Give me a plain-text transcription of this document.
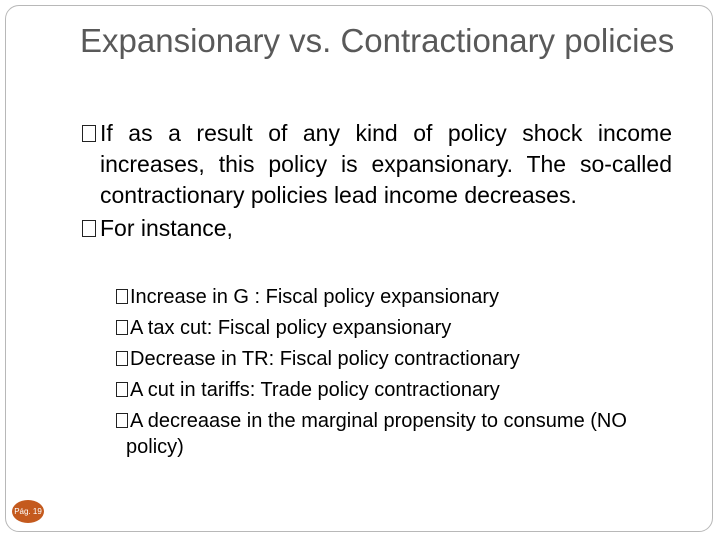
Expansionary vs. Contractionary policies
If as a result of any kind of policy shock income increases, this policy is expansionary. The so-called contractionary policies lead income decreases.
For instance,
Increase in G : Fiscal policy expansionary
A tax cut: Fiscal policy expansionary
Decrease in TR: Fiscal policy contractionary
A cut in tariffs: Trade policy contractionary
A decreaase in the marginal propensity to consume (NO policy)
Pág. 19
